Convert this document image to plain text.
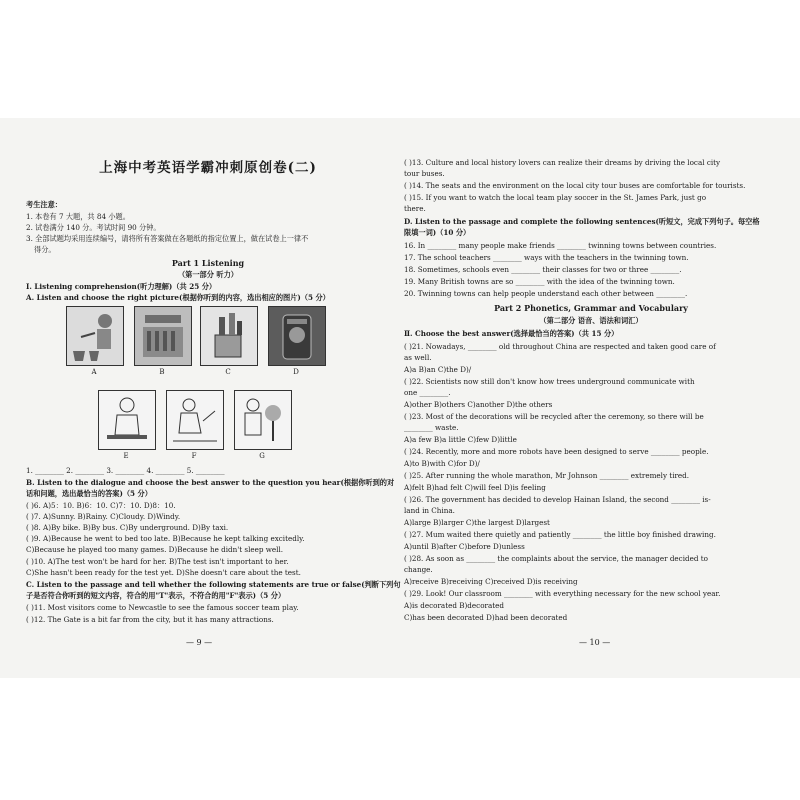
上海中考英语学霸冲刺原创卷(二)
考生注意：
1. 本卷有 7 大题，共 84 小题。
2. 试卷满分 140 分。考试时间 90 分钟。
3. 全部试题均采用连续编号，请将所有答案做在各题纸的指定位置上，做在试卷上一律不
得分。
Part 1 Listening
（第一部分 听力）
Ⅰ. Listening comprehension(听力理解)（共 25 分）
A. Listen and choose the right picture(根据你听到的内容，选出相应的图片)（5 分）
A	B	C	D
E	F	G
1. ________ 2. ________ 3. ________ 4. ________ 5. ________
B. Listen to the dialogue and choose the best answer to the question you hear(根据你听到的对
话和问题，选出最恰当的答案)（5 分）
( )6. A)5：10. B)6：10. C)7：10. D)8：10.
( )7. A)Sunny. B)Rainy. C)Cloudy. D)Windy.
( )8. A)By bike. B)By bus. C)By underground. D)By taxi.
( )9. A)Because he went to bed too late. B)Because he kept talking excitedly.
C)Because he played too many games. D)Because he didn't sleep well.
( )10. A)The test won't be hard for her. B)The test isn't important to her.
C)She hasn't been ready for the test yet. D)She doesn't care about the test.
C. Listen to the passage and tell whether the following statements are true or false(判断下列句
子是否符合你听到的短文内容，符合的用"T"表示，不符合的用"F"表示)（5 分）
( )11. Most visitors come to Newcastle to see the famous soccer team play.
( )12. The Gate is a bit far from the city, but it has many attractions.
— 9 —
( )13. Culture and local history lovers can realize their dreams by driving the local city
tour buses.
( )14. The seats and the environment on the local city tour buses are comfortable for tourists.
( )15. If you want to watch the local team play soccer in the St. James Park, just go
there.
D. Listen to the passage and complete the following sentences(听短文，完成下列句子。每空格
限填一词)（10 分）
16. In ________ many people make friends ________ twinning towns between countries.
17. The school teachers ________ ways with the teachers in the twinning town.
18. Sometimes, schools even ________ their classes for two or three ________.
19. Many British towns are so ________ with the idea of the twinning town.
20. Twinning towns can help people understand each other between ________.
Part 2 Phonetics, Grammar and Vocabulary
（第二部分 语音、语法和词汇）
Ⅱ. Choose the best answer(选择最恰当的答案)（共 15 分）
( )21. Nowadays, ________ old throughout China are respected and taken good care of
as well.
A)a B)an C)the D)/
( )22. Scientists now still don't know how trees underground communicate with
one ________.
A)other B)others C)another D)the others
( )23. Most of the decorations will be recycled after the ceremony, so there will be
________ waste.
A)a few B)a little C)few D)little
( )24. Recently, more and more robots have been designed to serve ________ people.
A)to B)with C)for D)/
( )25. After running the whole marathon, Mr Johnson ________ extremely tired.
A)felt B)had felt C)will feel D)is feeling
( )26. The government has decided to develop Hainan Island, the second ________ is-
land in China.
A)large B)larger C)the largest D)largest
( )27. Mum waited there quietly and patiently ________ the little boy finished drawing.
A)until B)after C)before D)unless
( )28. As soon as ________ the complaints about the service, the manager decided to
change.
A)receive B)receiving C)received D)is receiving
( )29. Look! Our classroom ________ with everything necessary for the new school year.
A)is decorated B)decorated
C)has been decorated D)had been decorated
— 10 —
